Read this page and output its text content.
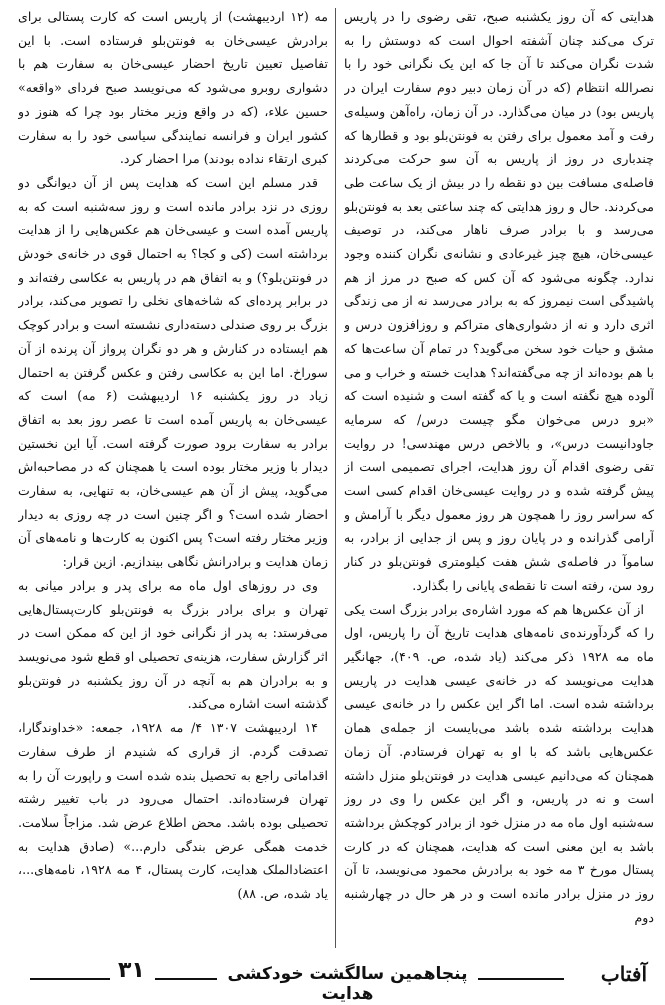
هدایتی که آن روز یکشنبه صبح، تقی رضوی را در پاریس ترک می‌کند چنان آشفته احوال است که دوستش را به شدت نگران می‌کند تا آن جا که این یک نگرانی خود را با نصرالله انتظام (که در آن زمان دبیر دوم سفارت ایران در پاریس بود) در میان می‌گذارد. در آن زمان، راه‌آهن وسیله‌ی رفت و آمد معمول برای رفتن به فونتن‌بلو بود و قطارها که چندباری در روز از پاریس به آن سو حرکت می‌کردند فاصله‌ی مسافت بین دو نقطه را در بیش از یک ساعت طی می‌کردند. حال و روز هدایتی که چند ساعتی بعد به فونتن‌بلو می‌رسد و با برادر صرف ناهار می‌کند، در توصیف عیسی‌خان، هیچ چیز غیرعادی و نشانه‌ی نگران کننده وجود ندارد. چگونه می‌شود که آن کس که صبح در مرز از هم پاشیدگی است نیمروز که به برادر می‌رسد نه از می زندگی اثری دارد و نه از دشواری‌های متراکم و روزافزون درس و مشق و حیات خود سخن می‌گوید؟ در تمام آن ساعت‌ها که با هم بوده‌اند از چه می‌گفته‌اند؟ هدایت خسته و خراب و می آلوده هیچ نگفته است و یا که گفته است و شنیده است که «برو درس می‌خوان مگو چیست درس/ که سرمایه جاودانیست درس»، و بالاخص درس مهندسی! در روایت تقی رضوی اقدام آن روز هدایت، اجرای تصمیمی است از پیش گرفته شده و در روایت عیسی‌خان اقدام کسی است که سراسر روز را همچون هر روز معمول دیگر با آرامش و آرامی گذرانده و در پایان روز و پس از جدایی از برادر، به ساموآ در فاصله‌ی شش هفت کیلومتری فونتن‌بلو در کنار رود سن، رفته است تا نقطه‌ی پایانی را بگذارد.

از آن عکس‌ها هم که مورد اشاره‌ی برادر بزرگ است یکی را که گردآورنده‌ی نامه‌های هدایت تاریخ آن را پاریس، اول ماه مه ۱۹۲۸ ذکر می‌کند (یاد شده، ص. ۴۰۹)، جهانگیر هدایت می‌نویسد که در خانه‌ی عیسی هدایت در پاریس برداشته شده است. اما اگر این عکس را در خانه‌ی عیسی هدایت برداشته شده باشد می‌بایست از جمله‌ی همان عکس‌هایی باشد که با او به تهران فرستادم. آن زمان همچنان که می‌دانیم عیسی هدایت در فونتن‌بلو منزل داشته است و نه در پاریس، و اگر این عکس را وی در روز سه‌شنبه اول ماه مه در منزل خود از برادر کوچکش برداشته باشد به این معنی است که هدایت، همچنان که در کارت پستال مورخ ۳ مه خود به برادرش محمود می‌نویسد، تا آن روز در منزل برادر مانده است و در هر حال در چهارشنبه دوم

مه (۱۲ اردیبهشت) از پاریس است که کارت پستالی برای برادرش عیسی‌خان به فونتن‌بلو فرستاده است. با این تفاصیل تعیین تاریخ احضار عیسی‌خان به سفارت هم با دشواری روبرو می‌شود که می‌نویسد صبح فردای «واقعه» حسین علاء، (که در واقع وزیر مختار بود چرا که هنوز دو کشور ایران و فرانسه نمایندگی سیاسی خود را به سفارت کبری ارتقاء نداده بودند) مرا احضار کرد.

قدر مسلم این است که هدایت پس از آن دیوانگی دو روزی در نزد برادر مانده است و روز سه‌شنبه است که به پاریس آمده است و عیسی‌خان هم عکس‌هایی را از هدایت برداشته است (کی و کجا؟ به احتمال قوی در خانه‌ی خودش در فونتن‌بلو؟) و به اتفاق هم در پاریس به عکاسی رفته‌اند و در برابر پرده‌ای که شاخه‌های نخلی را تصویر می‌کند، برادر بزرگ بر روی صندلی دسته‌داری نشسته است و برادر کوچک هم ایستاده در کنارش و هر دو نگران پرواز آن پرنده از آن سوراخ. اما این به عکاسی رفتن و عکس گرفتن به احتمال زیاد در روز یکشنبه ۱۶ اردیبهشت (۶ مه) است که عیسی‌خان به پاریس آمده است تا عصر روز بعد به اتفاق برادر به سفارت برود صورت گرفته است. آیا این نخستین دیدار با وزیر مختار بوده است یا همچنان که در مصاحبه‌اش می‌گوید، پیش از آن هم عیسی‌خان، به تنهایی، به سفارت احضار شده است؟ و اگر چنین است در چه روزی به دیدار وزیر مختار رفته است؟ پس اکنون به کارت‌ها و نامه‌های آن زمان هدایت و برادرانش نگاهی بیندازیم. ازین قرار:

وی در روزهای اول ماه مه برای پدر و برادر میانی به تهران و برای برادر بزرگ به فونتن‌بلو کارت‌پستال‌هایی می‌فرستد: به پدر از نگرانی خود از این که ممکن است در اثر گزارش سفارت، هزینه‌ی تحصیلی او قطع شود می‌نویسد و به برادران هم به آنچه در آن روز یکشنبه در فونتن‌بلو گذشته است اشاره می‌کند.

۱۴ اردیبهشت ۱۳۰۷ ۴/ مه ۱۹۲۸، جمعه: «خداوندگارا، تصدقت گردم. از قراری که شنیدم از طرف سفارت اقداماتی راجع به تحصیل بنده شده است و راپورت آن را به تهران فرستاده‌اند. احتمال می‌رود در باب تغییر رشته تحصیلی بوده باشد. محض اطلاع عرض شد. مزاجاً سلامت. خدمت همگی عرض بندگی دارم...» (صادق هدایت به اعتضادالملک هدایت، کارت پستال، ۴ مه ۱۹۲۸، نامه‌های...، یاد شده، ص. ۸۸)

آفتاب
پنجاهمین سالگشت خودکشی هدایت
۳۱
